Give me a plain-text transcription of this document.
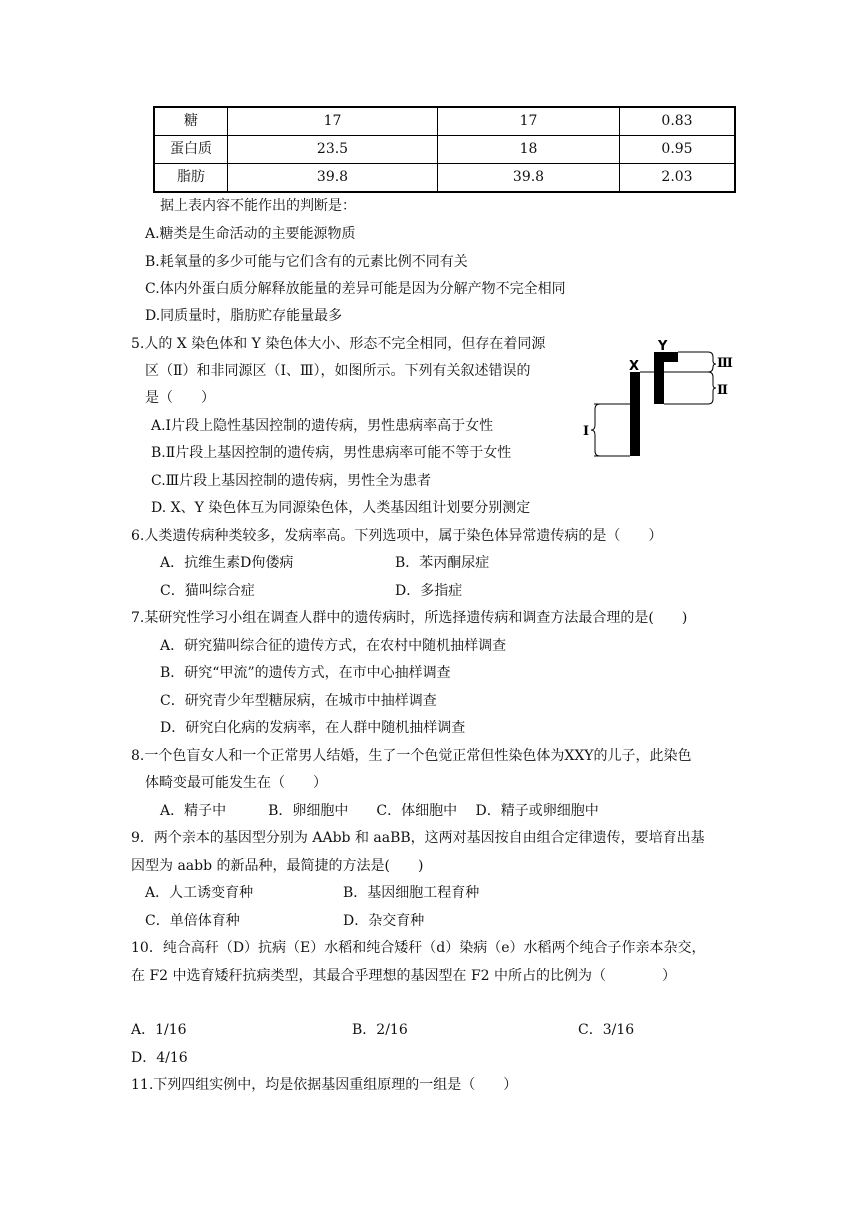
糖	17	17	0.83
蛋白质	23.5	18	0.95
脂肪	39.8	39.8	2.03
据上表内容不能作出的判断是：
A.糖类是生命活动的主要能源物质
B.耗氧量的多少可能与它们含有的元素比例不同有关
C.体内外蛋白质分解释放能量的差异可能是因为分解产物不完全相同
D.同质量时，脂肪贮存能量最多
5.人的 X 染色体和 Y 染色体大小、形态不完全相同，但存在着同源
区（Ⅱ）和非同源区（Ⅰ、Ⅲ），如图所示。下列有关叙述错误的
是（　　）
A.Ⅰ片段上隐性基因控制的遗传病，男性患病率高于女性
B.Ⅱ片段上基因控制的遗传病，男性患病率可能不等于女性
C.Ⅲ片段上基因控制的遗传病，男性全为患者
D. X、Y 染色体互为同源染色体，人类基因组计划要分别测定
X
Y
Ⅲ
Ⅱ
Ⅰ
6.人类遗传病种类较多，发病率高。下列选项中，属于染色体异常遗传病的是（　　）
A．抗维生素D佝偻病	B．苯丙酮尿症
C．猫叫综合症	D．多指症
7.某研究性学习小组在调查人群中的遗传病时，所选择遗传病和调查方法最合理的是(　　)
A．研究猫叫综合征的遗传方式，在农村中随机抽样调查
B．研究“甲流”的遗传方式，在市中心抽样调查
C．研究青少年型糖尿病，在城市中抽样调查
D．研究白化病的发病率，在人群中随机抽样调查
8.一个色盲女人和一个正常男人结婚，生了一个色觉正常但性染色体为XXY的儿子，此染色
体畸变最可能发生在（　　）
A．精子中　　　B．卵细胞中　　C．体细胞中　 D．精子或卵细胞中
9．两个亲本的基因型分别为 AAbb 和 aaBB，这两对基因按自由组合定律遗传，要培育出基
因型为 aabb 的新品种，最简捷的方法是(　　)
A．人工诱变育种	B．基因细胞工程育种
C．单倍体育种	D．杂交育种
10．纯合高秆（D）抗病（E）水稻和纯合矮秆（d）染病（e）水稻两个纯合子作亲本杂交，
在 F2 中选育矮秆抗病类型，其最合乎理想的基因型在 F2 中所占的比例为（　　　　）
A．1/16	B．2/16	C．3/16
D．4/16
11.下列四组实例中，均是依据基因重组原理的一组是（　　）
